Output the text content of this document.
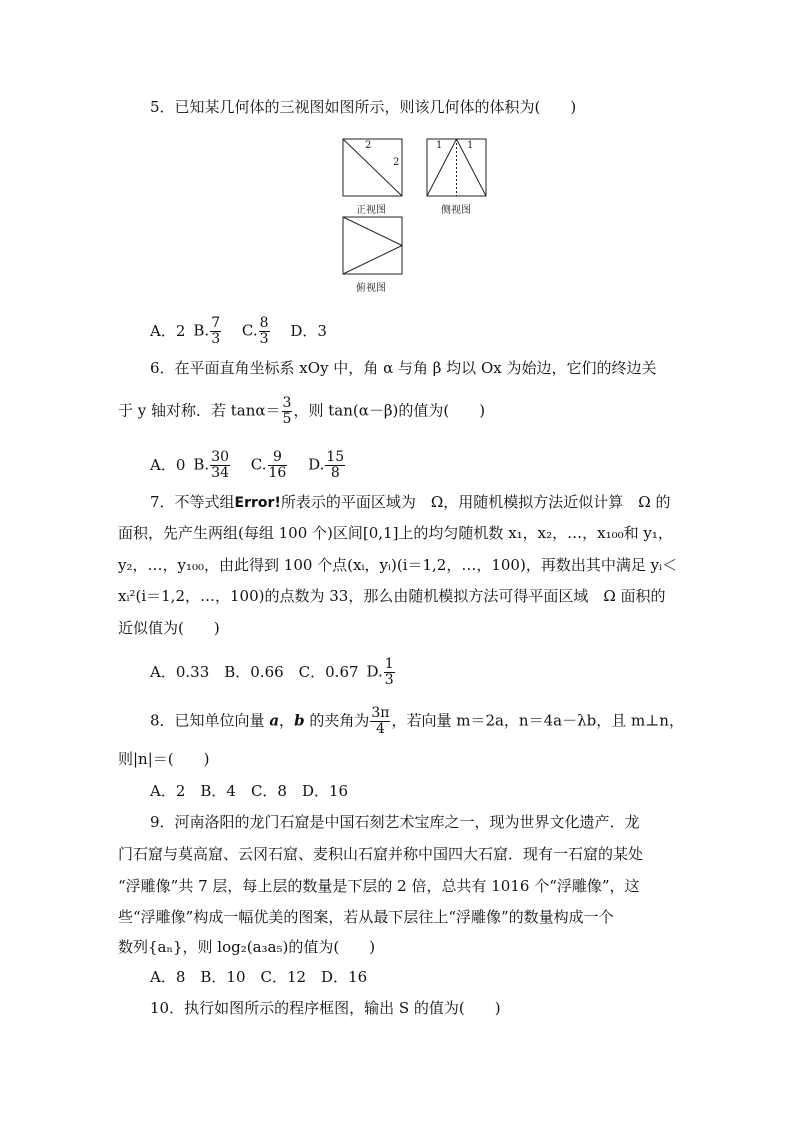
5．已知某几何体的三视图如图所示，则该几何体的体积为(　　)
2
2
正视图
1 1
侧视图
俯视图
A．2 B. $\frac{7}{3} C$. $\frac{8}{3}$ D．3
6．在平面直角坐标系 xOy 中，角 α 与角 β 均以 Ox 为始边，它们的终边关
于 y 轴对称．若 $\tan\alpha= \frac{3}{5}$ ，则 tan(α－β)的值为(　　)
A．0 B. $\frac{30}{34} C$. $\frac{9}{16} D$. $\frac{15}{8}$
7．不等式组Error!所表示的平面区域为　Ω，用随机模拟方法近似计算　Ω 的
面积，先产生两组(每组 100 个)区间[0,1]上的均匀随机数 x₁，x₂，…，x₁₀₀和 y₁，
y₂，…，y₁₀₀，由此得到 100 个点(xᵢ，yᵢ)(i＝1,2，…，100)，再数出其中满足 yᵢ＜
xᵢ²(i＝1,2，…，100)的点数为 33，那么由随机模拟方法可得平面区域　Ω 面积的
近似值为(　　)
A．0.33　B．0.66　C．0.67 D. $\frac{1}{3}$
8．已知单位向量 a，b 的夹角为 $\frac{3\pi}{4}$ ，若向量 m＝2a，n＝4a－λb，且 m⊥n，
则|n|＝(　　)
A．2　B．4　C．8　D．16
9．河南洛阳的龙门石窟是中国石刻艺术宝库之一，现为世界文化遗产．龙
门石窟与莫高窟、云冈石窟、麦积山石窟并称中国四大石窟．现有一石窟的某处
“浮雕像”共 7 层，每上层的数量是下层的 2 倍，总共有 1016 个“浮雕像”，这
些“浮雕像”构成一幅优美的图案，若从最下层往上“浮雕像”的数量构成一个
数列{aₙ}，则 log₂(a₃a₅)的值为(　　)
A．8　B．10　C．12　D．16
10．执行如图所示的程序框图，输出 S 的值为(　　)
